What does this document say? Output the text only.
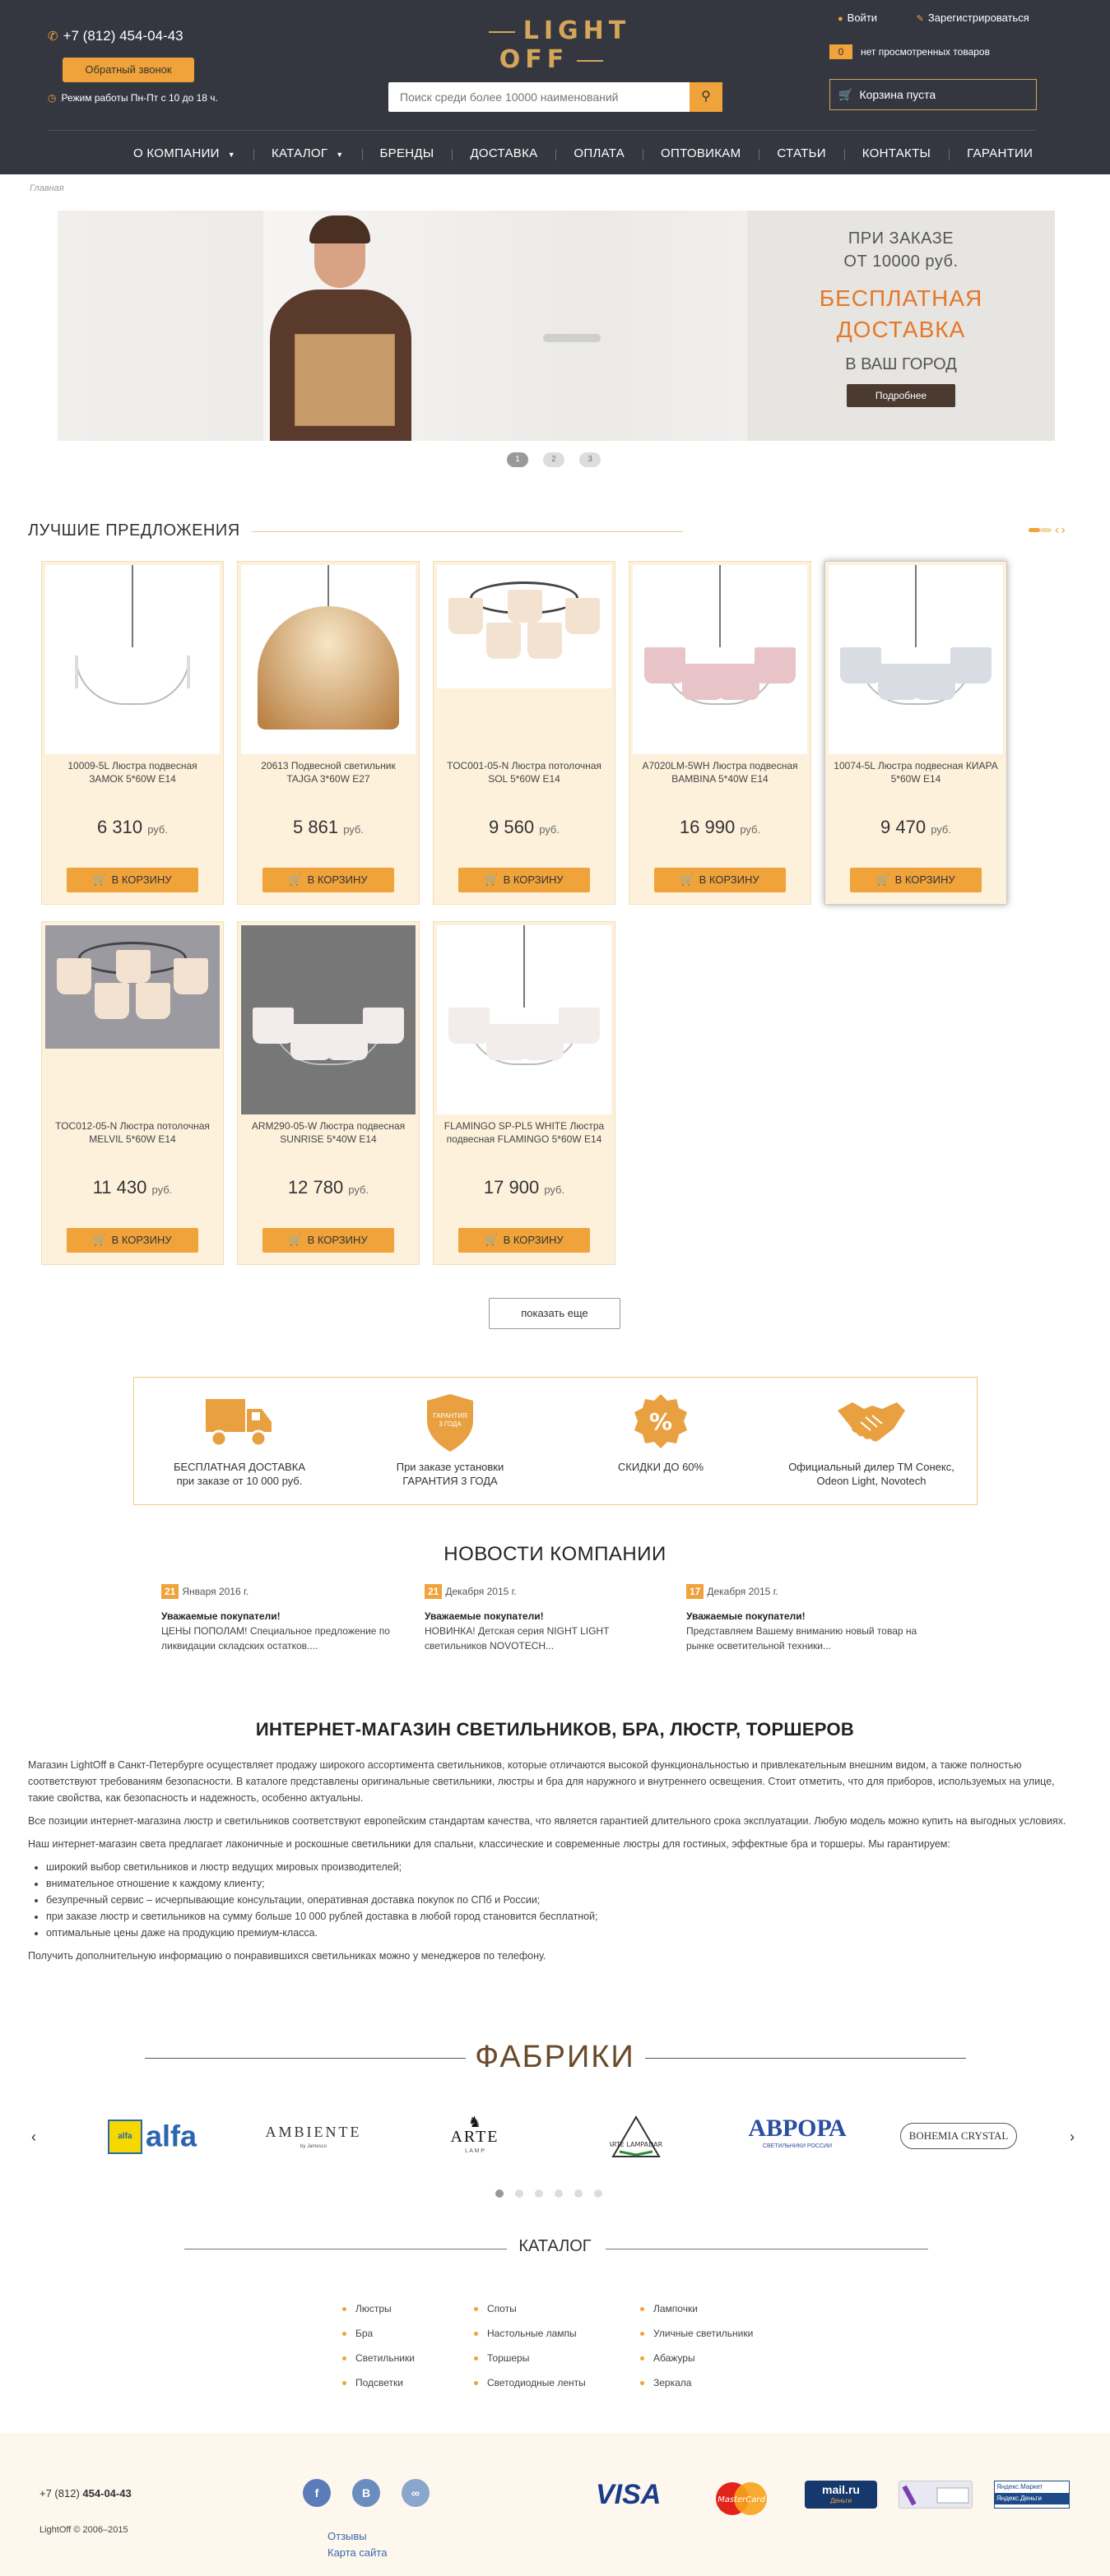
✆ +7 (812) 454-04-43
Обратный звонок
◷ Режим работы Пн-Пт с 10 до 18 ч.
LIGHT OFF
Поиск среди более 10000 наименований
⚲
● Войти	✎ Зарегистрироваться
0 нет просмотренных товаров
🛒 Корзина пуста
О КОМПАНИИ ▼	КАТАЛОГ ▼	БРЕНДЫ	ДОСТАВКА	ОПЛАТА	ОПТОВИКАМ	СТАТЬИ	КОНТАКТЫ	ГАРАНТИИ
Главная
ПРИ ЗАКАЗЕ
ОТ 10000 руб.
БЕСПЛАТНАЯ
ДОСТАВКА
В ВАШ ГОРОД
Подробнее
1	2	3
ЛУЧШИЕ ПРЕДЛОЖЕНИЯ	‹›
10009-5L Люстра подвесная ЗАМОК 5*60W E14
6 310 руб.
🛒 В КОРЗИНУ
20613 Подвесной светильник TAJGA 3*60W E27
5 861 руб.
🛒 В КОРЗИНУ
TOC001-05-N Люстра потолочная SOL 5*60W E14
9 560 руб.
🛒 В КОРЗИНУ
A7020LM-5WH Люстра подвесная BAMBINA 5*40W E14
16 990 руб.
🛒 В КОРЗИНУ
10074-5L Люстра подвесная КИАРА 5*60W E14
9 470 руб.
🛒 В КОРЗИНУ
TOC012-05-N Люстра потолочная MELVIL 5*60W E14
11 430 руб.
🛒 В КОРЗИНУ
ARM290-05-W Люстра подвесная SUNRISE 5*40W E14
12 780 руб.
🛒 В КОРЗИНУ
FLAMINGO SP-PL5 WHITE Люстра подвесная FLAMINGO 5*60W E14
17 900 руб.
🛒 В КОРЗИНУ
показать еще
БЕСПЛАТНАЯ ДОСТАВКА
при заказе от 10 000 руб.
ГАРАНТИЯ
3 ГОДА
При заказе установки
ГАРАНТИЯ 3 ГОДА
%
СКИДКИ ДО 60%	Официальный дилер ТМ Сонекс,
Odeon Light, Novotech
НОВОСТИ КОМПАНИИ
21 Января 2016 г.
Уважаемые покупатели!
ЦЕНЫ ПОПОЛАМ! Специальное предложение по ликвидации складских остатков....
21 Декабря 2015 г.
Уважаемые покупатели!
НОВИНКА! Детская серия NIGHT LIGHT светильников NOVOTECH...
17 Декабря 2015 г.
Уважаемые покупатели!
Представляем Вашему вниманию новый товар на рынке осветительной техники...
ИНТЕРНЕТ-МАГАЗИН СВЕТИЛЬНИКОВ, БРА, ЛЮСТР, ТОРШЕРОВ

Магазин LightOff в Санкт-Петербурге осуществляет продажу широкого ассортимента светильников, которые отличаются высокой функциональностью и привлекательным внешним видом, а также полностью соответствуют требованиям безопасности. В каталоге представлены оригинальные светильники, люстры и бра для наружного и внутреннего освещения. Стоит отметить, что для приборов, используемых на улице, такие свойства, как безопасность и надежность, особенно актуальны.

Все позиции интернет-магазина люстр и светильников соответствуют европейским стандартам качества, что является гарантией длительного срока эксплуатации. Любую модель можно купить на выгодных условиях.

Наш интернет-магазин света предлагает лаконичные и роскошные светильники для спальни, классические и современные люстры для гостиных, эффектные бра и торшеры. Мы гарантируем:

• широкий выбор светильников и люстр ведущих мировых производителей;
• внимательное отношение к каждому клиенту;
• безупречный сервис – исчерпывающие консультации, оперативная доставка покупок по СПб и России;
• при заказе люстр и светильников на сумму больше 10 000 рублей доставка в любой город становится бесплатной;
• оптимальные цены даже на продукцию премиум-класса.

Получить дополнительную информацию о понравившихся светильниках можно у менеджеров по телефону.

ФАБРИКИ
‹	alfa alfa	AMBIENTE
by Jamesco
♞
ARTE
L A M P
ARTE LAMPADARI
АВРОРА
СВЕТИЛЬНИКИ РОССИИ
BOHEMIA CRYSTAL	›
КАТАЛОГ
Люстры
Бра
Светильники
Подсветки
Споты
Настольные лампы
Торшеры
Светодиодные ленты
Лампочки
Уличные светильники
Абажуры
Зеркала
+7 (812) 454-04-43
LightOff © 2006–2015
f	B	∞
Отзывы
Карта сайта
VISA	MasterCard
mail.ru
Деньги
Яндекс.Маркет
Яндекс.Деньги
